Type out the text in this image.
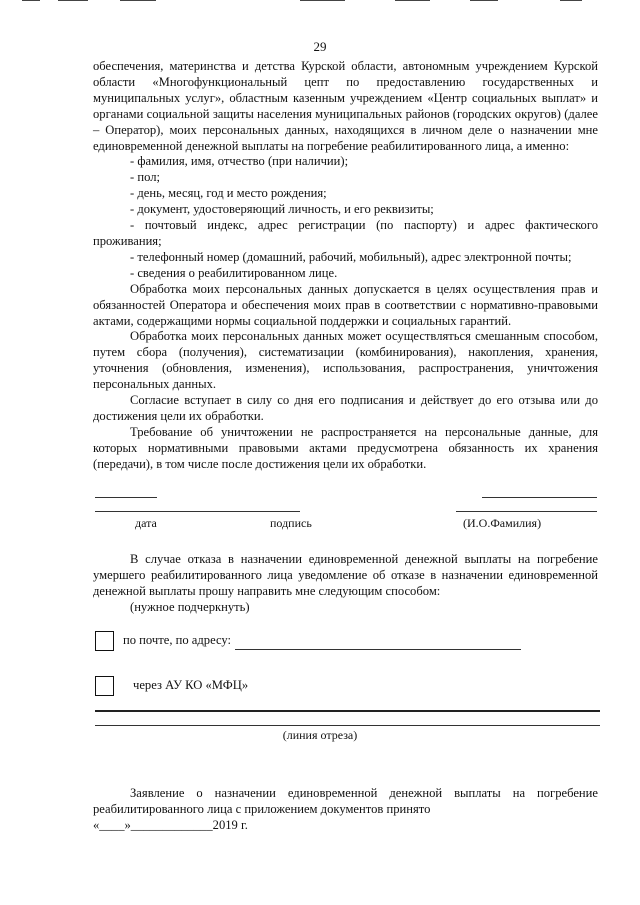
29

обеспечения, материнства и детства Курской области, автономным учреждением Курской области «Многофункциональный цепт по предоставлению государственных и муниципальных услуг», областным казенным учреждением «Центр социальных выплат» и органами социальной защиты населения муниципальных районов (городских округов) (далее – Оператор), моих персональных данных, находящихся в личном деле о назначении мне единовременной денежной выплаты на погребение реабилитированного лица, а именно:

- фамилия, имя, отчество (при наличии);

- пол;

- день, месяц, год и место рождения;

- документ, удостоверяющий личность, и его реквизиты;

- почтовый индекс, адрес регистрации (по паспорту) и адрес фактического проживания;

- телефонный номер (домашний, рабочий, мобильный), адрес электронной почты;

- сведения о реабилитированном лице.

Обработка моих персональных данных допускается в целях осуществления прав и обязанностей Оператора и обеспечения моих прав в соответствии с нормативно-правовыми актами, содержащими нормы социальной поддержки и социальных гарантий.

Обработка моих персональных данных может осуществляться смешанным способом, путем сбора (получения), систематизации (комбинирования), накопления, хранения, уточнения (обновления, изменения), использования, распространения, уничтожения персональных данных.

Согласие вступает в силу со дня его подписания и действует до его отзыва или до достижения цели их обработки.

Требование об уничтожении не распространяется на персональные данные, для которых нормативными правовыми актами предусмотрена обязанность их хранения (передачи), в том числе после достижения цели их обработки.

дата	подпись	(И.О.Фамилия)

В случае отказа в назначении единовременной денежной выплаты на погребение умершего реабилитированного лица уведомление об отказе в назначении единовременной денежной выплаты прошу направить мне следующим способом:

(нужное подчеркнуть)

по почте, по адресу:
через АУ КО «МФЦ»
(линия отреза)

Заявление о назначении единовременной денежной выплаты на погребение реабилитированного лица с приложением документов принято

«____»_____________2019 г.
